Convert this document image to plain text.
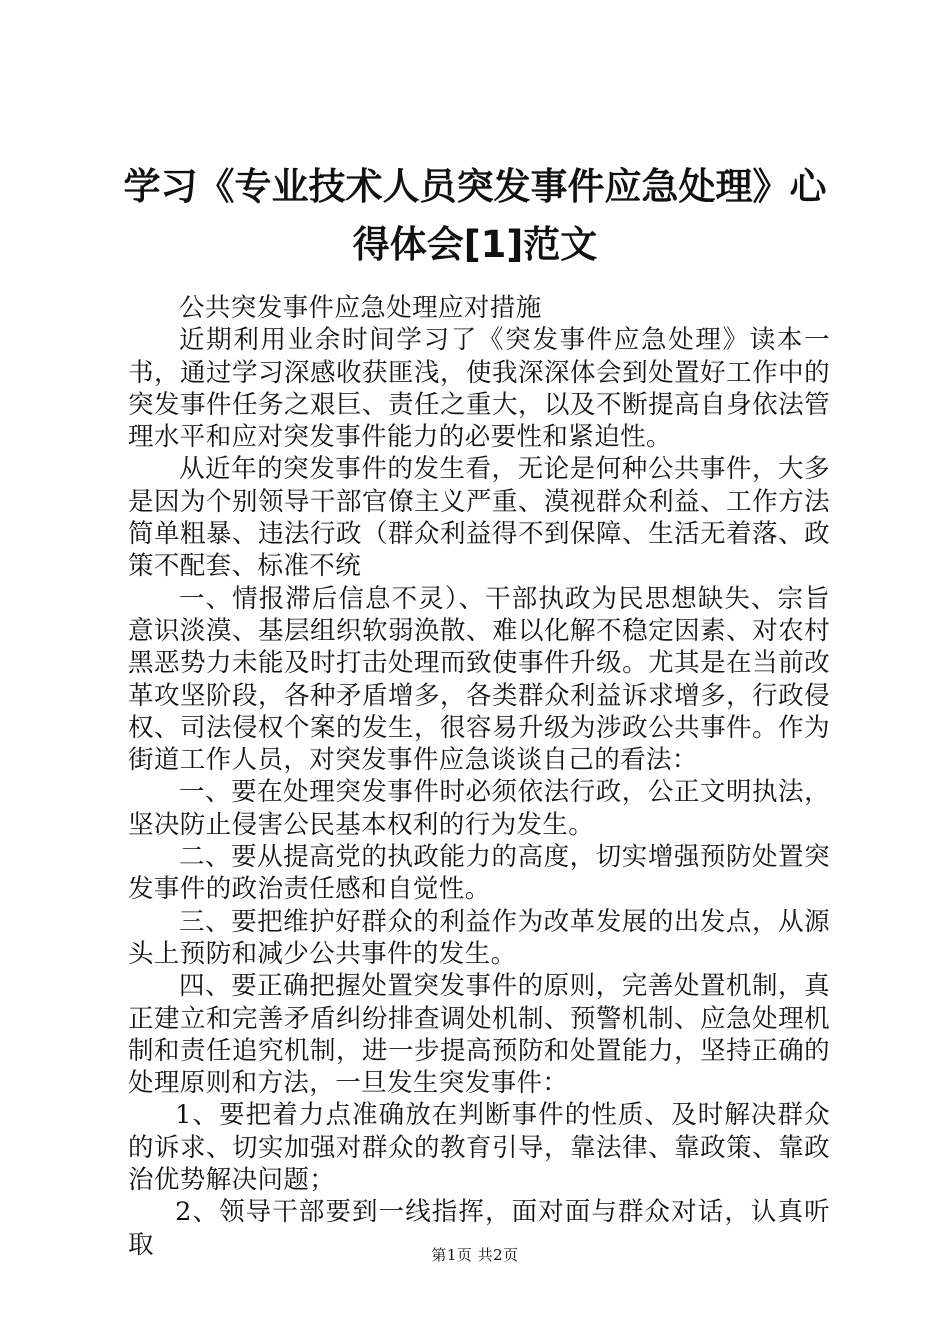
学习《专业技术人员突发事件应急处理》心得体会[1]范文

公共突发事件应急处理应对措施

近期利用业余时间学习了《突发事件应急处理》读本一书，通过学习深感收获匪浅，使我深深体会到处置好工作中的突发事件任务之艰巨、责任之重大，以及不断提高自身依法管理水平和应对突发事件能力的必要性和紧迫性。

从近年的突发事件的发生看，无论是何种公共事件，大多是因为个别领导干部官僚主义严重、漠视群众利益、工作方法简单粗暴、违法行政（群众利益得不到保障、生活无着落、政策不配套、标准不统

一、情报滞后信息不灵）、干部执政为民思想缺失、宗旨意识淡漠、基层组织软弱涣散、难以化解不稳定因素、对农村黑恶势力未能及时打击处理而致使事件升级。尤其是在当前改革攻坚阶段，各种矛盾增多，各类群众利益诉求增多，行政侵权、司法侵权个案的发生，很容易升级为涉政公共事件。作为街道工作人员，对突发事件应急谈谈自己的看法：

一、要在处理突发事件时必须依法行政，公正文明执法，坚决防止侵害公民基本权利的行为发生。

二、要从提高党的执政能力的高度，切实增强预防处置突发事件的政治责任感和自觉性。

三、要把维护好群众的利益作为改革发展的出发点，从源头上预防和减少公共事件的发生。

四、要正确把握处置突发事件的原则，完善处置机制，真正建立和完善矛盾纠纷排查调处机制、预警机制、应急处理机制和责任追究机制，进一步提高预防和处置能力，坚持正确的处理原则和方法，一旦发生突发事件：

1、要把着力点准确放在判断事件的性质、及时解决群众的诉求、切实加强对群众的教育引导，靠法律、靠政策、靠政治优势解决问题；

2、领导干部要到一线指挥，面对面与群众对话，认真听取	第1页 共2页
